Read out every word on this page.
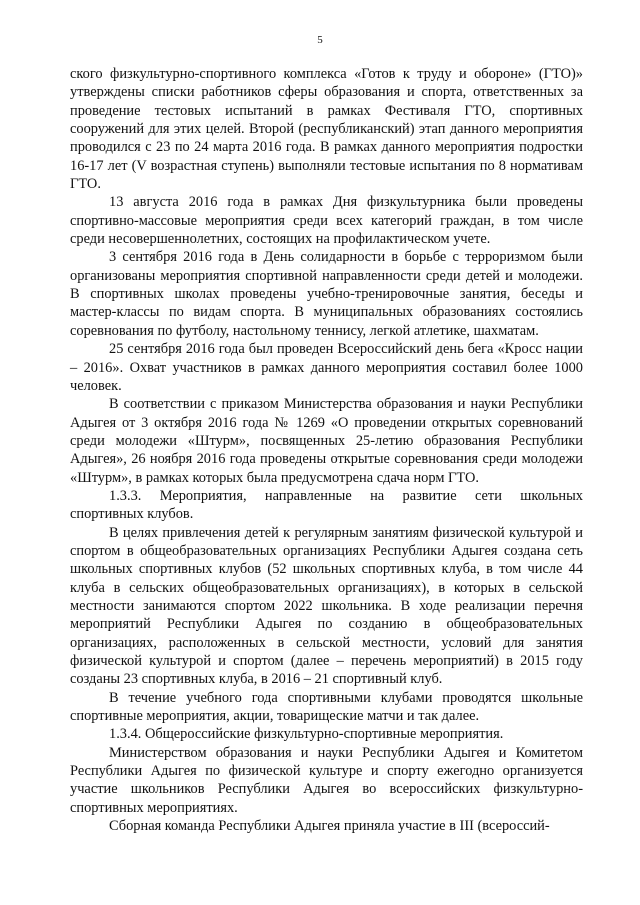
5

ского физкультурно-спортивного комплекса «Готов к труду и обороне» (ГТО)» утверждены списки работников сферы образования и спорта, ответственных за проведение тестовых испытаний в рамках Фестиваля ГТО, спортивных сооружений для этих целей. Второй (республиканский) этап данного мероприятия проводился с 23 по 24 марта 2016 года. В рамках данного мероприятия подростки 16-17 лет (V возрастная ступень) выполняли тестовые испытания по 8 нормативам ГТО.

13 августа 2016 года в рамках Дня физкультурника были проведены спортивно-массовые мероприятия среди всех категорий граждан, в том числе среди несовершеннолетних, состоящих на профилактическом учете.

3 сентября 2016 года в День солидарности в борьбе с терроризмом были организованы мероприятия спортивной направленности среди детей и молодежи. В спортивных школах проведены учебно-тренировочные занятия, беседы и мастер-классы по видам спорта. В муниципальных образованиях состоялись соревнования по футболу, настольному теннису, легкой атлетике, шахматам.

25 сентября 2016 года был проведен Всероссийский день бега «Кросс нации – 2016». Охват участников в рамках данного мероприятия составил более 1000 человек.

В соответствии с приказом Министерства образования и науки Республики Адыгея от 3 октября 2016 года № 1269 «О проведении открытых соревнований среди молодежи «Штурм», посвященных 25-летию образования Республики Адыгея», 26 ноября 2016 года проведены открытые соревнования среди молодежи «Штурм», в рамках которых была предусмотрена сдача норм ГТО.

1.3.3. Мероприятия, направленные на развитие сети школьных

спортивных клубов.

В целях привлечения детей к регулярным занятиям физической культурой и спортом в общеобразовательных организациях Республики Адыгея создана сеть школьных спортивных клубов (52 школьных спортивных клуба, в том числе 44 клуба в сельских общеобразовательных организациях), в которых в сельской местности занимаются спортом 2022 школьника. В ходе реализации перечня мероприятий Республики Адыгея по созданию в общеобразовательных организациях, расположенных в сельской местности, условий для занятия физической культурой и спортом (далее – перечень мероприятий) в 2015 году созданы 23 спортивных клуба, в 2016 – 21 спортивный клуб.

В течение учебного года спортивными клубами проводятся школьные спортивные мероприятия, акции, товарищеские матчи и так далее.

1.3.4. Общероссийские физкультурно-спортивные мероприятия.

Министерством образования и науки Республики Адыгея и Комитетом Республики Адыгея по физической культуре и спорту ежегодно организуется участие школьников Республики Адыгея во всероссийских физкультурно-спортивных мероприятиях.

Сборная команда Республики Адыгея приняла участие в III (всероссий-
